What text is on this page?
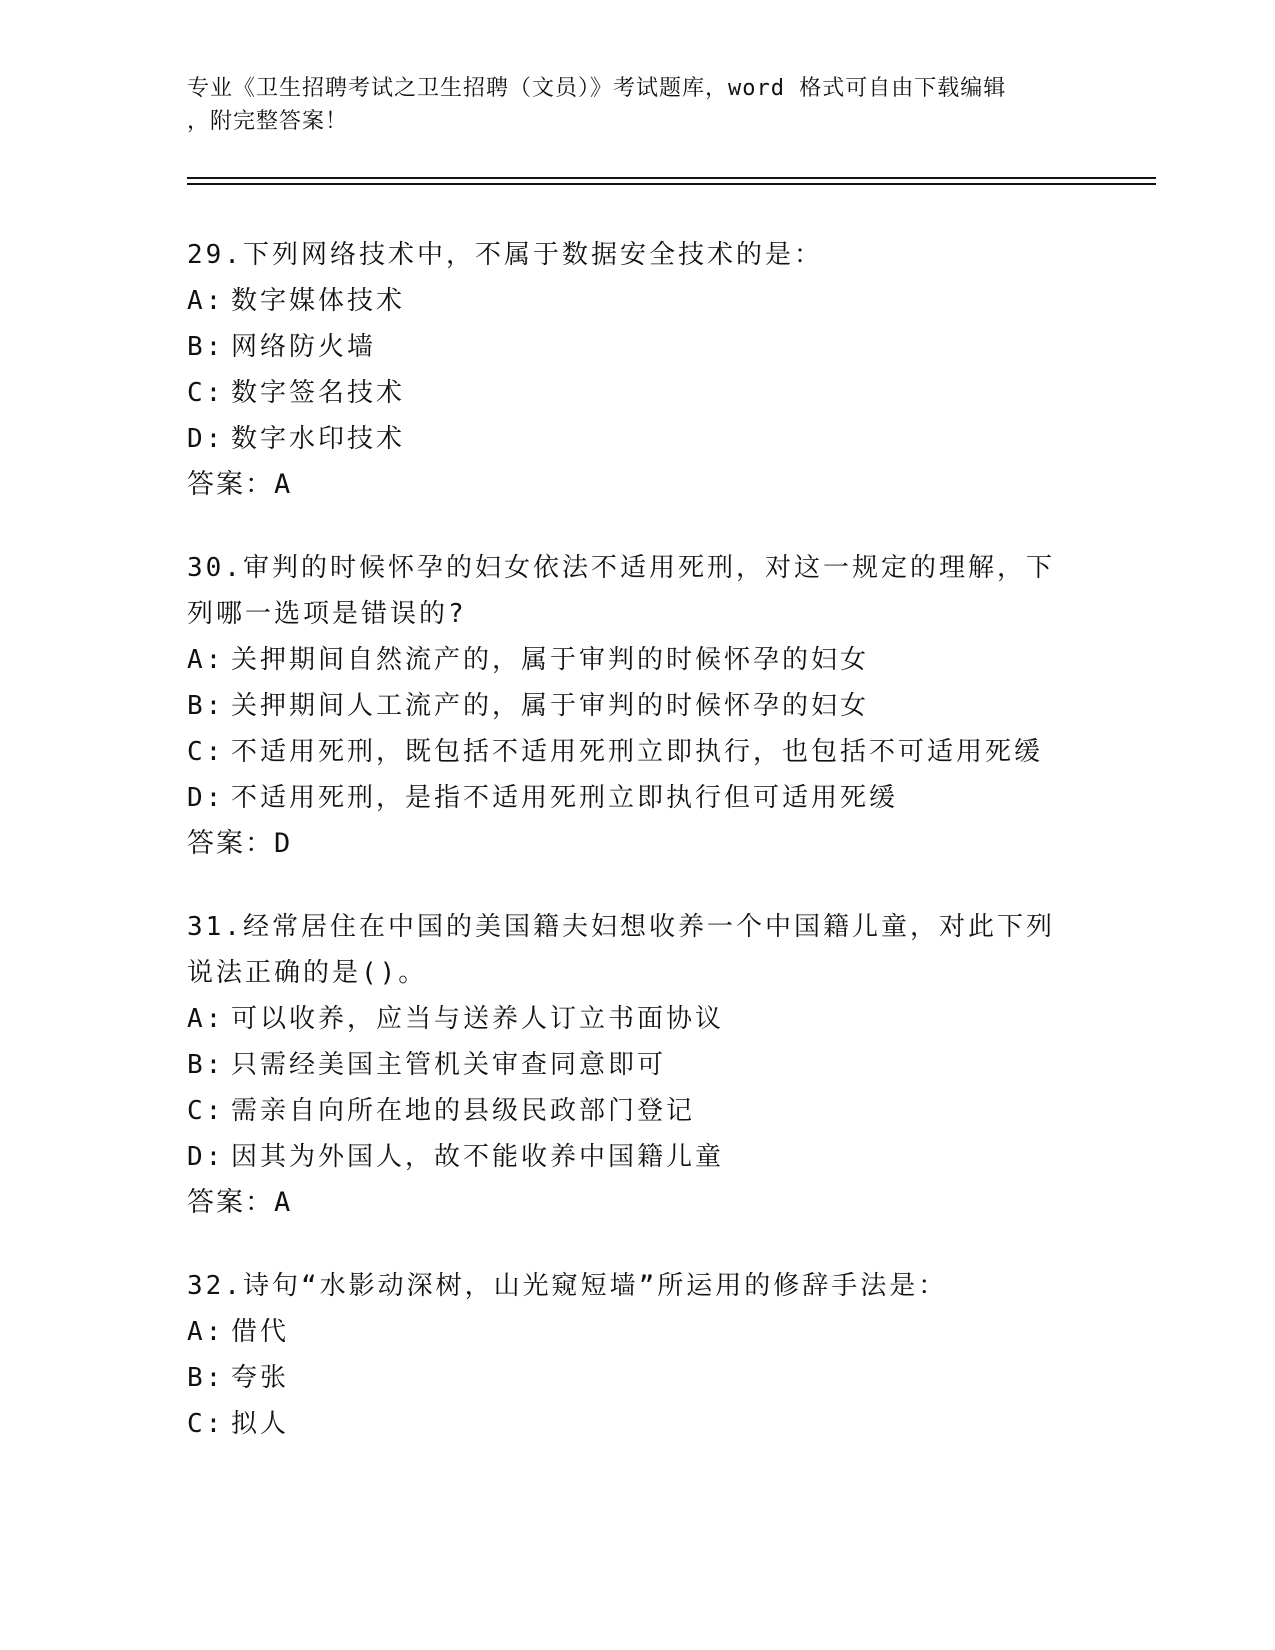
专业《卫生招聘考试之卫生招聘（文员）》考试题库，word 格式可自由下载编辑
，附完整答案！
29.下列网络技术中，不属于数据安全技术的是：
A: 数字媒体技术
B: 网络防火墙
C: 数字签名技术
D: 数字水印技术
答案：A
30.审判的时候怀孕的妇女依法不适用死刑，对这一规定的理解，下列哪一选项是错误的?
A: 关押期间自然流产的，属于审判的时候怀孕的妇女
B: 关押期间人工流产的，属于审判的时候怀孕的妇女
C: 不适用死刑，既包括不适用死刑立即执行，也包括不可适用死缓
D: 不适用死刑，是指不适用死刑立即执行但可适用死缓
答案：D
31.经常居住在中国的美国籍夫妇想收养一个中国籍儿童，对此下列说法正确的是()。
A: 可以收养，应当与送养人订立书面协议
B: 只需经美国主管机关审查同意即可
C: 需亲自向所在地的县级民政部门登记
D: 因其为外国人，故不能收养中国籍儿童
答案：A
32.诗句“水影动深树，山光窥短墙”所运用的修辞手法是：
A: 借代
B: 夸张
C: 拟人
